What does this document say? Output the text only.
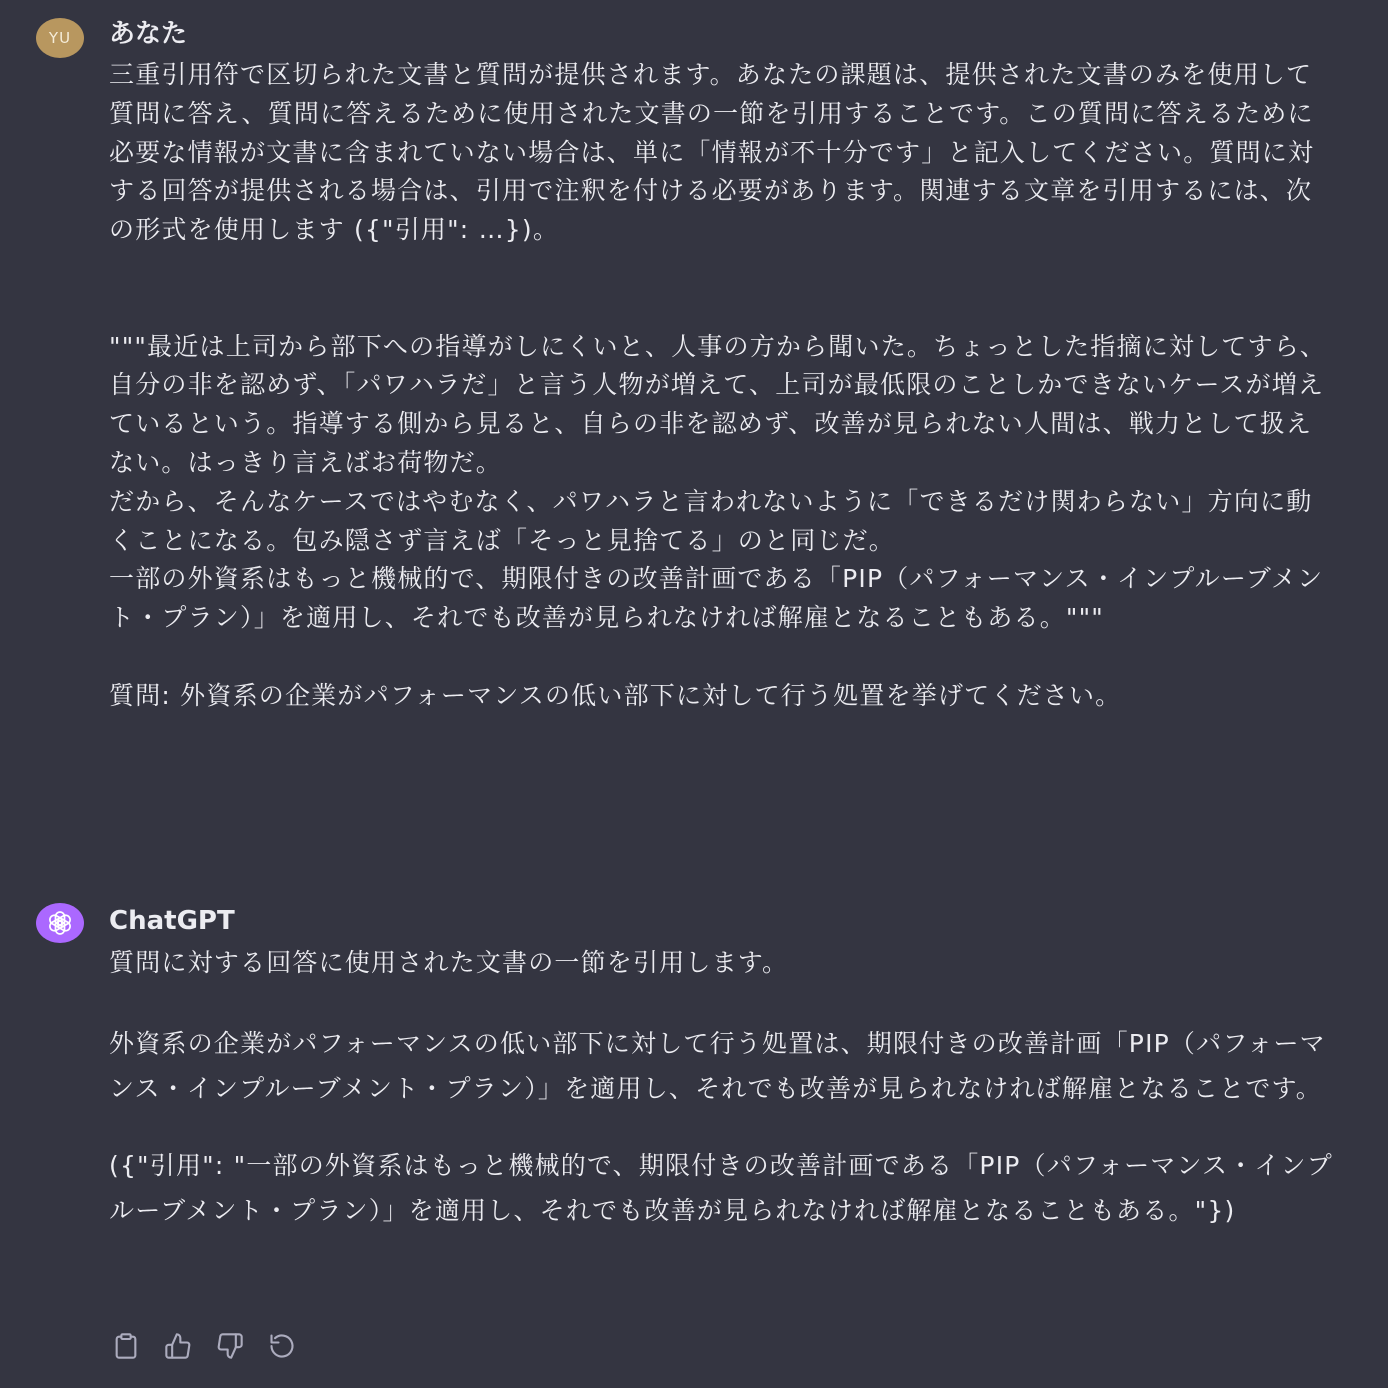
YU あなた

三重引用符で区切られた文書と質問が提供されます。あなたの課題は、提供された文書のみを使用して質問に答え、質問に答えるために使用された文書の一節を引用することです。この質問に答えるために必要な情報が文書に含まれていない場合は、単に「情報が不十分です」と記入してください。質問に対する回答が提供される場合は、引用で注釈を付ける必要があります。関連する文章を引用するには、次の形式を使用します ({"引用": …})。

"""最近は上司から部下への指導がしにくいと、人事の方から聞いた。ちょっとした指摘に対してすら、自分の非を認めず、「パワハラだ」と言う人物が増えて、上司が最低限のことしかできないケースが増えているという。指導する側から見ると、自らの非を認めず、改善が見られない人間は、戦力として扱えない。はっきり言えばお荷物だ。

だから、そんなケースではやむなく、パワハラと言われないように「できるだけ関わらない」方向に動くことになる。包み隠さず言えば「そっと見捨てる」のと同じだ。

一部の外資系はもっと機械的で、期限付きの改善計画である「PIP（パフォーマンス・インプルーブメント・プラン）」を適用し、それでも改善が見られなければ解雇となることもある。"""

質問: 外資系の企業がパフォーマンスの低い部下に対して行う処置を挙げてください。

ChatGPT

質問に対する回答に使用された文書の一節を引用します。

外資系の企業がパフォーマンスの低い部下に対して行う処置は、期限付きの改善計画「PIP（パフォーマンス・インプルーブメント・プラン）」を適用し、それでも改善が見られなければ解雇となることです。

({"引用": "一部の外資系はもっと機械的で、期限付きの改善計画である「PIP（パフォーマンス・インプルーブメント・プラン）」を適用し、それでも改善が見られなければ解雇となることもある。"})
